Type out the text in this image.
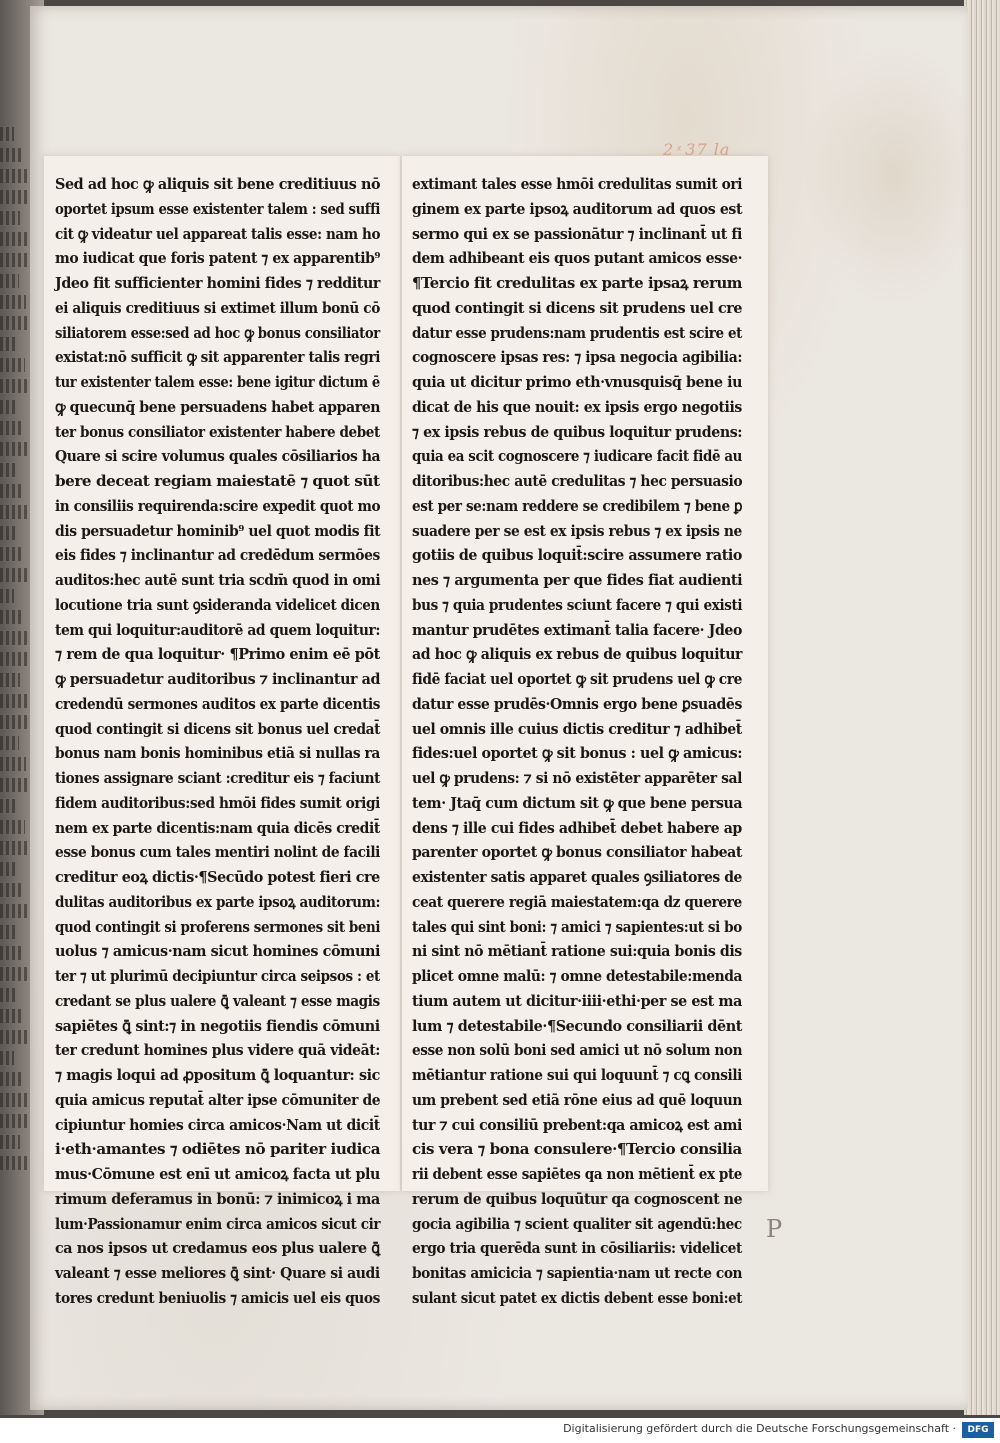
2 ͯ 37 la
Sed ad hoc ꝙ aliquis sit bene creditiuus nō
oportet ipsum esse existenter talem : sed suffi
cit ꝙ videatur uel appareat talis esse: nam ho
mo iudicat que foris patent ⁊ ex apparentib⁹
Jdeo fit sufficienter homini fides ⁊ redditur
ei aliquis creditiuus si extimet illum bonū cō
siliatorem esse:sed ad hoc ꝙ bonus consiliator
existat:nō sufficit ꝙ sit apparenter talis regri
tur existenter talem esse: bene igitur dictum ē
ꝙ quecunq̄ bene persuadens habet apparen
ter bonus consiliator existenter habere debet
Quare si scire volumus quales cōsiliarios ha
bere deceat regiam maiestatē ⁊ quot sūt
in consiliis requirenda:scire expedit quot mo
dis persuadetur hominib⁹ uel quot modis fit
eis fides ⁊ inclinantur ad credēdum sermōes
auditos:hec autē sunt tria scdm̄ quod in omi
locutione tria sunt ꝯsideranda videlicet dicen
tem qui loquitur:auditorē ad quem loquitur:
⁊ rem de qua loquitur· ¶Primo enim eē pōt
ꝙ persuadetur auditoribus ⁊ inclinantur ad
credendū sermones auditos ex parte dicentis
quod contingit si dicens sit bonus uel credat̄
bonus nam bonis hominibus etiā si nullas ra
tiones assignare sciant :creditur eis ⁊ faciunt
fidem auditoribus:sed hmōi fides sumit origi
nem ex parte dicentis:nam quia dicēs credit̄
esse bonus cum tales mentiri nolint de facili
creditur eoꝝ dictis·¶Secūdo potest fieri cre
dulitas auditoribus ex parte ipsoꝝ auditorum:
quod contingit si proferens sermones sit beni
uolus ⁊ amicus·nam sicut homines cōmuni
ter ⁊ ut plurimū decipiuntur circa seipsos : et
credant se plus ualere ꝗ̄ valeant ⁊ esse magis
sapiētes ꝗ̄ sint:⁊ in negotiis fiendis cōmuni
ter credunt homines plus videre quā videāt:
⁊ magis loqui ad ꝓpositum ꝗ̄ loquantur: sic
quia amicus reputat̄ alter ipse cōmuniter de
cipiuntur homies circa amicos·Nam ut dicit̄
i·eth·amantes ⁊ odiētes nō pariter iudica
mus·Cōmune est enī ut amicoꝝ facta ut plu
rimum deferamus in bonū: ⁊ inimicoꝝ i ma
lum·Passionamur enim circa amicos sicut cir
ca nos ipsos ut credamus eos plus ualere ꝗ̄
valeant ⁊ esse meliores ꝗ̄ sint· Quare si audi
tores credunt beniuolis ⁊ amicis uel eis quos
extimant tales esse hmōi credulitas sumit ori
ginem ex parte ipsoꝝ auditorum ad quos est
sermo qui ex se passionātur ⁊ inclinant̄ ut fi
dem adhibeant eis quos putant amicos esse·
¶Tercio fit credulitas ex parte ipsaꝝ rerum
quod contingit si dicens sit prudens uel cre
datur esse prudens:nam prudentis est scire et
cognoscere ipsas res: ⁊ ipsa negocia agibilia:
quia ut dicitur primo eth·vnusquisq̄ bene iu
dicat de his que nouit: ex ipsis ergo negotiis
⁊ ex ipsis rebus de quibus loquitur prudens:
quia ea scit cognoscere ⁊ iudicare facit fidē au
ditoribus:hec autē credulitas ⁊ hec persuasio
est per se:nam reddere se credibilem ⁊ bene ꝑ
suadere per se est ex ipsis rebus ⁊ ex ipsis ne
gotiis de quibus loquit̄:scire assumere ratio
nes ⁊ argumenta per que fides fiat audienti
bus ⁊ quia prudentes sciunt facere ⁊ qui existi
mantur prudētes extimant̄ talia facere· Jdeo
ad hoc ꝙ aliquis ex rebus de quibus loquitur
fidē faciat uel oportet ꝙ sit prudens uel ꝙ cre
datur esse prudēs·Omnis ergo bene ꝑsuadēs
uel omnis ille cuius dictis creditur ⁊ adhibet̄
fides:uel oportet ꝙ sit bonus : uel ꝙ amicus:
uel ꝙ prudens: ⁊ si nō existēter apparēter sal
tem· Jtaq̄ cum dictum sit ꝙ que bene persua
dens ⁊ ille cui fides adhibet̄ debet habere ap
parenter oportet ꝙ bonus consiliator habeat
existenter satis apparet quales ꝯsiliatores de
ceat querere regiā maiestatem:qa dz querere
tales qui sint boni: ⁊ amici ⁊ sapientes:ut si bo
ni sint nō mētiant̄ ratione sui:quia bonis dis
plicet omne malū: ⁊ omne detestabile:menda
tium autem ut dicitur·iiii·ethi·per se est ma
lum ⁊ detestabile·¶Secundo consiliarii dēnt
esse non solū boni sed amici ut nō solum non
mētiantur ratione sui qui loquunt̄ ⁊ cꝗ consili
um prebent sed etiā rōne eius ad quē loquun
tur ⁊ cui consiliū prebent:qa amicoꝝ est ami
cis vera ⁊ bona consulere·¶Tercio consilia
rii debent esse sapiētes qa non mētient̄ ex pte
rerum de quibus loquūtur qa cognoscent ne
gocia agibilia ⁊ scient qualiter sit agendū:hec
ergo tria querēda sunt in cōsiliariis: videlicet
bonitas amicicia ⁊ sapientia·nam ut recte con
sulant sicut patet ex dictis debent esse boni:et
P
Digitalisierung gefördert durch die Deutsche Forschungsgemeinschaft ·	DFG
